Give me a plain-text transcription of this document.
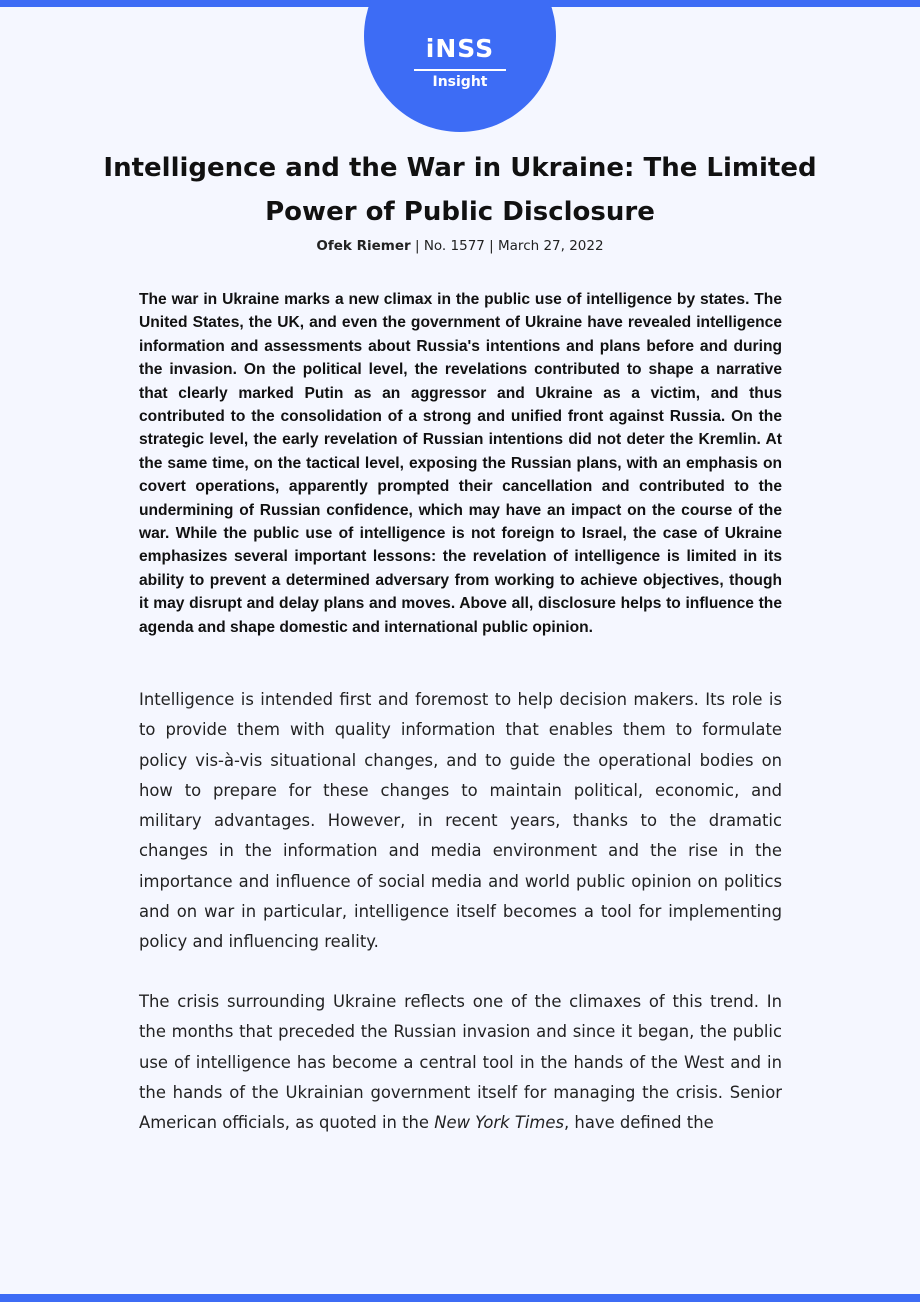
iNSS
Insight
Intelligence and the War in Ukraine: The Limited Power of Public Disclosure
Ofek Riemer | No. 1577 | March 27, 2022

The war in Ukraine marks a new climax in the public use of intelligence by states. The United States, the UK, and even the government of Ukraine have revealed intelligence information and assessments about Russia's intentions and plans before and during the invasion. On the political level, the revelations contributed to shape a narrative that clearly marked Putin as an aggressor and Ukraine as a victim, and thus contributed to the consolidation of a strong and unified front against Russia. On the strategic level, the early revelation of Russian intentions did not deter the Kremlin. At the same time, on the tactical level, exposing the Russian plans, with an emphasis on covert operations, apparently prompted their cancellation and contributed to the undermining of Russian confidence, which may have an impact on the course of the war. While the public use of intelligence is not foreign to Israel, the case of Ukraine emphasizes several important lessons: the revelation of intelligence is limited in its ability to prevent a determined adversary from working to achieve objectives, though it may disrupt and delay plans and moves. Above all, disclosure helps to influence the agenda and shape domestic and international public opinion.

Intelligence is intended first and foremost to help decision makers. Its role is to provide them with quality information that enables them to formulate policy vis-à-vis situational changes, and to guide the operational bodies on how to prepare for these changes to maintain political, economic, and military advantages. However, in recent years, thanks to the dramatic changes in the information and media environment and the rise in the importance and influence of social media and world public opinion on politics and on war in particular, intelligence itself becomes a tool for implementing policy and influencing reality.

The crisis surrounding Ukraine reflects one of the climaxes of this trend. In the months that preceded the Russian invasion and since it began, the public use of intelligence has become a central tool in the hands of the West and in the hands of the Ukrainian government itself for managing the crisis. Senior American officials, as quoted in the New York Times, have defined the
